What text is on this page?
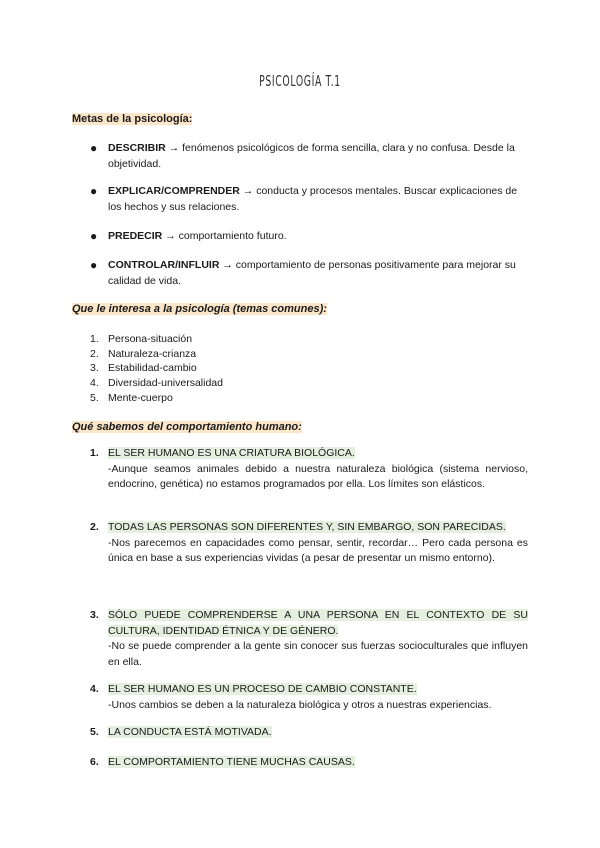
PSICOLOGÍA T.1
Metas de la psicología:
● DESCRIBIR → fenómenos psicológicos de forma sencilla, clara y no confusa. Desde la objetividad.
● EXPLICAR/COMPRENDER → conducta y procesos mentales. Buscar explicaciones de los hechos y sus relaciones.
● PREDECIR → comportamiento futuro.
● CONTROLAR/INFLUIR → comportamiento de personas positivamente para mejorar su calidad de vida.
Que le interesa a la psicología (temas comunes):
1. Persona-situación
2. Naturaleza-crianza
3. Estabilidad-cambio
4. Diversidad-universalidad
5. Mente-cuerpo
Qué sabemos del comportamiento humano:
1. EL SER HUMANO ES UNA CRIATURA BIOLÓGICA.
-Aunque seamos animales debido a nuestra naturaleza biológica (sistema nervioso, endocrino, genética) no estamos programados por ella. Los límites son elásticos.
2. TODAS LAS PERSONAS SON DIFERENTES Y, SIN EMBARGO, SON PARECIDAS.
-Nos parecemos en capacidades como pensar, sentir, recordar… Pero cada persona es única en base a sus experiencias vividas (a pesar de presentar un mismo entorno).
3. SÓLO PUEDE COMPRENDERSE A UNA PERSONA EN EL CONTEXTO DE SU CULTURA, IDENTIDAD ÉTNICA Y DE GÉNERO.
-No se puede comprender a la gente sin conocer sus fuerzas socioculturales que influyen en ella.
4. EL SER HUMANO ES UN PROCESO DE CAMBIO CONSTANTE.
-Unos cambios se deben a la naturaleza biológica y otros a nuestras experiencias.
5. LA CONDUCTA ESTÁ MOTIVADA.
6. EL COMPORTAMIENTO TIENE MUCHAS CAUSAS.
